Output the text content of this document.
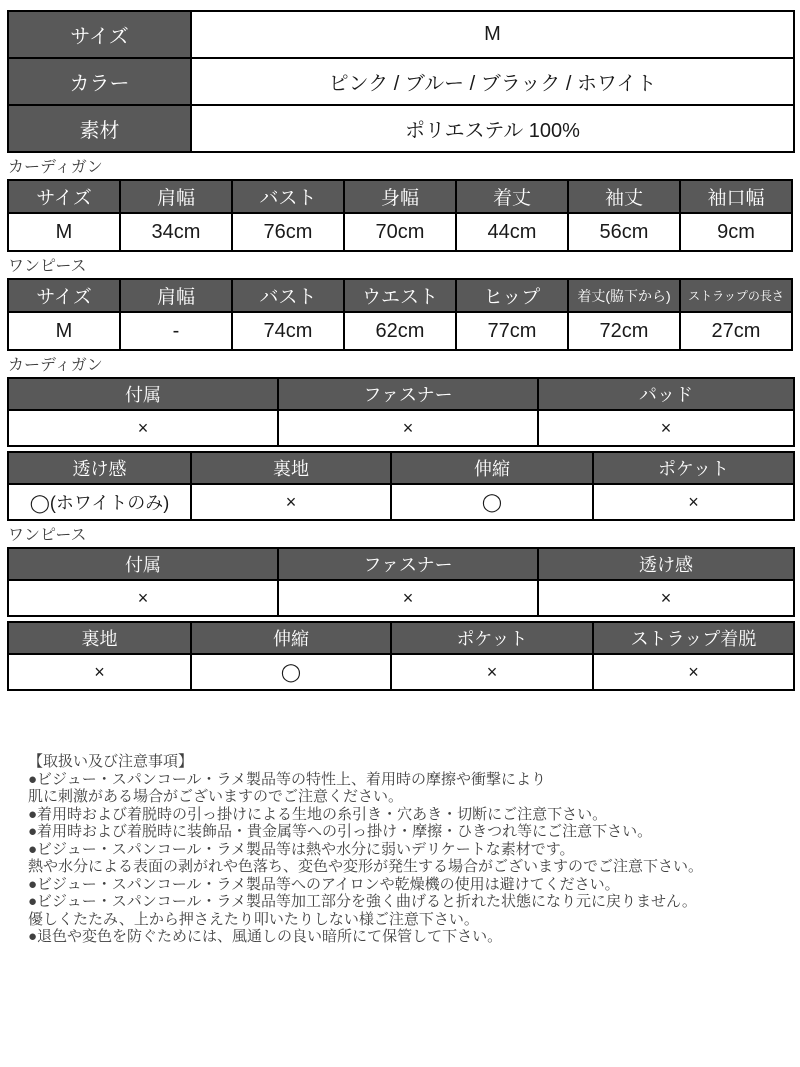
サイズ	M
カラー	ピンク / ブルー / ブラック / ホワイト
素材	ポリエステル 100%
カーディガン
サイズ	肩幅	バスト	身幅	着丈	袖丈	袖口幅
M	34cm	76cm	70cm	44cm	56cm	9cm
ワンピース
サイズ	肩幅	バスト	ウエスト	ヒップ	着丈(脇下から)	ストラップの長さ
M	-	74cm	62cm	77cm	72cm	27cm
カーディガン
付属	ファスナー	パッド
×	×	×
透け感	裏地	伸縮	ポケット
◯(ホワイトのみ)	×	◯	×
ワンピース
付属	ファスナー	透け感
×	×	×
裏地	伸縮	ポケット	ストラップ着脱
×	◯	×	×
【取扱い及び注意事項】
●ビジュー・スパンコール・ラメ製品等の特性上、着用時の摩擦や衝撃により
肌に刺激がある場合がございますのでご注意ください。
●着用時および着脱時の引っ掛けによる生地の糸引き・穴あき・切断にご注意下さい。
●着用時および着脱時に装飾品・貴金属等への引っ掛け・摩擦・ひきつれ等にご注意下さい。
●ビジュー・スパンコール・ラメ製品等は熱や水分に弱いデリケートな素材です。
熱や水分による表面の剥がれや色落ち、変色や変形が発生する場合がございますのでご注意下さい。
●ビジュー・スパンコール・ラメ製品等へのアイロンや乾燥機の使用は避けてください。
●ビジュー・スパンコール・ラメ製品等加工部分を強く曲げると折れた状態になり元に戻りません。
優しくたたみ、上から押さえたり叩いたりしない様ご注意下さい。
●退色や変色を防ぐためには、風通しの良い暗所にて保管して下さい。
